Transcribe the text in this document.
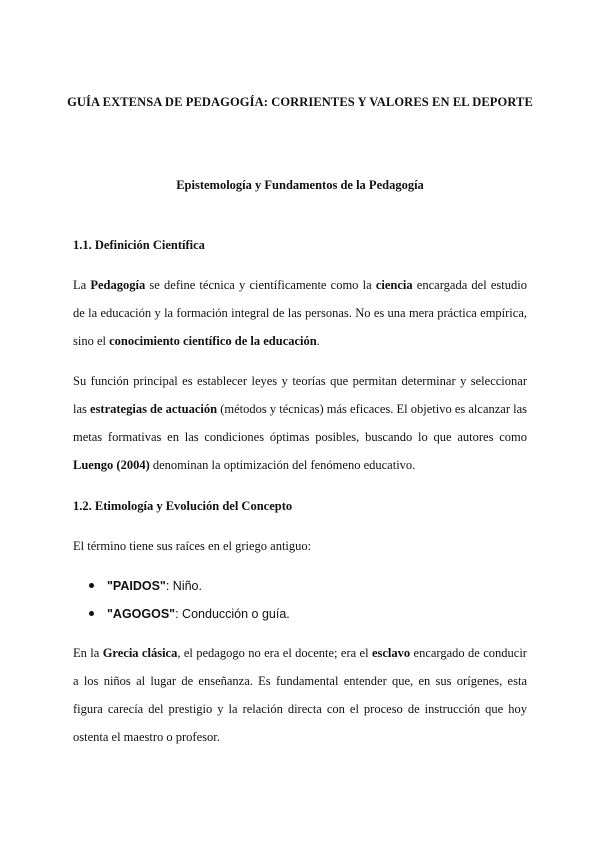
GUÍA EXTENSA DE PEDAGOGÍA: CORRIENTES Y VALORES EN EL DEPORTE
Epistemología y Fundamentos de la Pedagogía
1.1. Definición Científica

La Pedagogía se define técnica y científicamente como la ciencia encargada del estudio de la educación y la formación integral de las personas. No es una mera práctica empírica, sino el conocimiento científico de la educación.

Su función principal es establecer leyes y teorías que permitan determinar y seleccionar las estrategias de actuación (métodos y técnicas) más eficaces. El objetivo es alcanzar las metas formativas en las condiciones óptimas posibles, buscando lo que autores como Luengo (2004) denominan la optimización del fenómeno educativo.

1.2. Etimología y Evolución del Concepto

El término tiene sus raíces en el griego antiguo:

"PAIDOS": Niño.
"AGOGOS": Conducción o guía.

En la Grecia clásica, el pedagogo no era el docente; era el esclavo encargado de conducir a los niños al lugar de enseñanza. Es fundamental entender que, en sus orígenes, esta figura carecía del prestigio y la relación directa con el proceso de instrucción que hoy ostenta el maestro o profesor.
